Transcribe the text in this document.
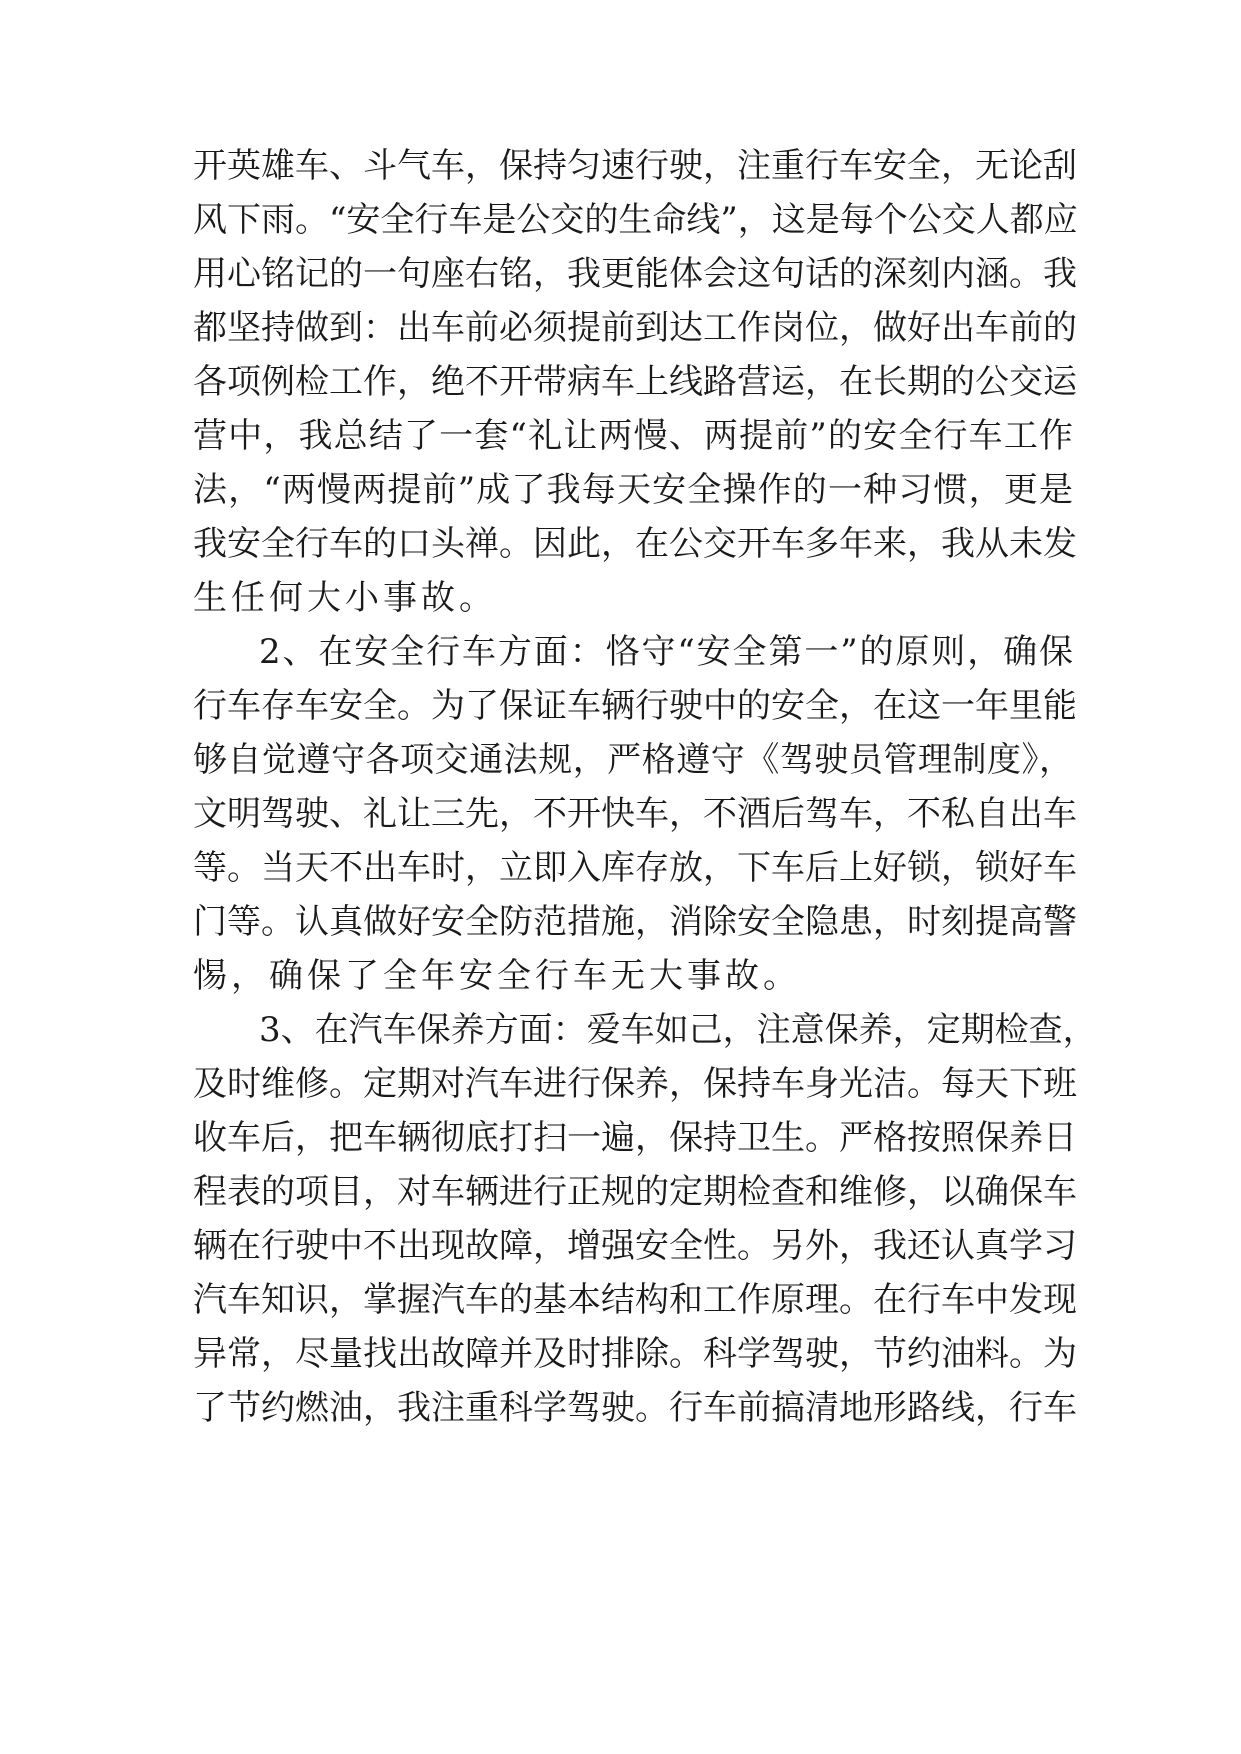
开英雄车、斗气车，保持匀速行驶，注重行车安全，无论刮
风下雨。“安全行车是公交的生命线”，这是每个公交人都应
用心铭记的一句座右铭，我更能体会这句话的深刻内涵。我
都坚持做到：出车前必须提前到达工作岗位，做好出车前的
各项例检工作，绝不开带病车上线路营运，在长期的公交运
营中，我总结了一套“礼让两慢、两提前”的安全行车工作
法，“两慢两提前”成了我每天安全操作的一种习惯，更是
我安全行车的口头禅。因此，在公交开车多年来，我从未发
生任何大小事故。
2、在安全行车方面：恪守“安全第一”的原则，确保
行车存车安全。为了保证车辆行驶中的安全，在这一年里能
够自觉遵守各项交通法规，严格遵守《驾驶员管理制度》，
文明驾驶、礼让三先，不开快车，不酒后驾车，不私自出车
等。当天不出车时，立即入库存放，下车后上好锁，锁好车
门等。认真做好安全防范措施，消除安全隐患，时刻提高警
惕，确保了全年安全行车无大事故。
3、在汽车保养方面：爱车如己，注意保养，定期检查，
及时维修。定期对汽车进行保养，保持车身光洁。每天下班
收车后，把车辆彻底打扫一遍，保持卫生。严格按照保养日
程表的项目，对车辆进行正规的定期检查和维修，以确保车
辆在行驶中不出现故障，增强安全性。另外，我还认真学习
汽车知识，掌握汽车的基本结构和工作原理。在行车中发现
异常，尽量找出故障并及时排除。科学驾驶，节约油料。为
了节约燃油，我注重科学驾驶。行车前搞清地形路线，行车
